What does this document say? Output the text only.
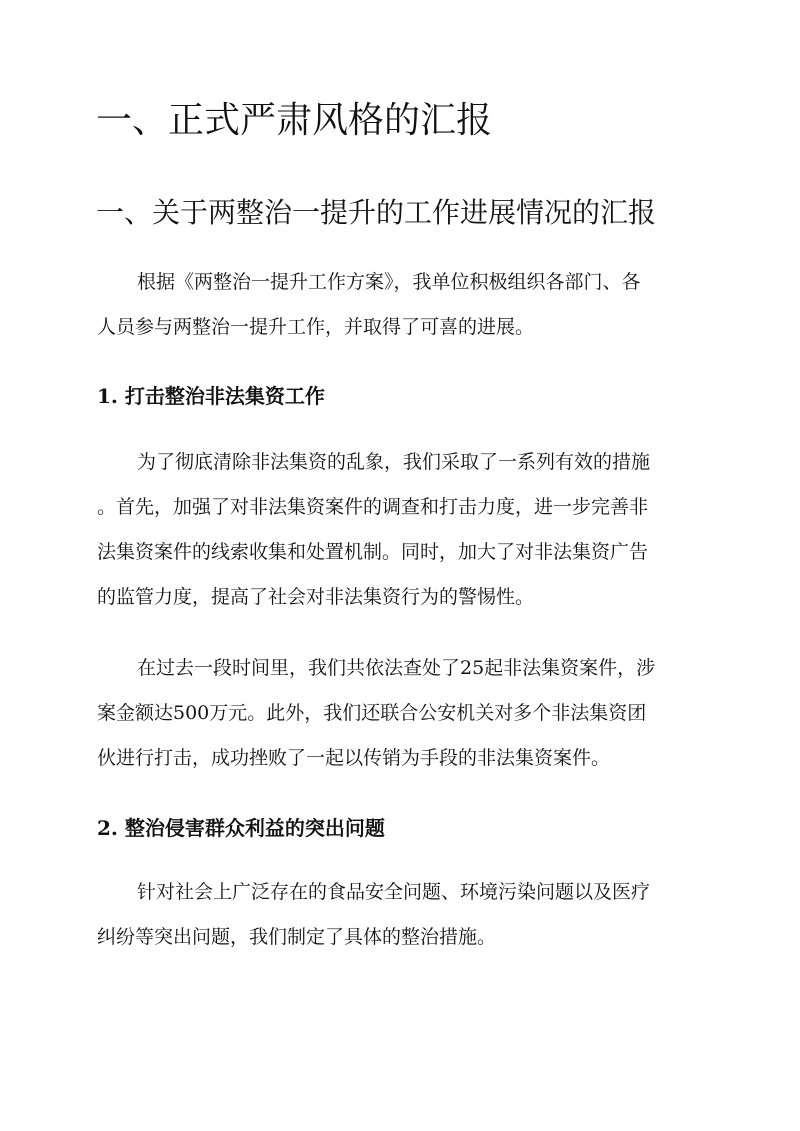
一、正式严肃风格的汇报
一、关于两整治一提升的工作进展情况的汇报
根据《两整治一提升工作方案》，我单位积极组织各部门、各
人员参与两整治一提升工作，并取得了可喜的进展。
1. 打击整治非法集资工作
为了彻底清除非法集资的乱象，我们采取了一系列有效的措施
。首先，加强了对非法集资案件的调查和打击力度，进一步完善非
法集资案件的线索收集和处置机制。同时，加大了对非法集资广告
的监管力度，提高了社会对非法集资行为的警惕性。
在过去一段时间里，我们共依法查处了25起非法集资案件，涉
案金额达500万元。此外，我们还联合公安机关对多个非法集资团
伙进行打击，成功挫败了一起以传销为手段的非法集资案件。
2. 整治侵害群众利益的突出问题
针对社会上广泛存在的食品安全问题、环境污染问题以及医疗
纠纷等突出问题，我们制定了具体的整治措施。
